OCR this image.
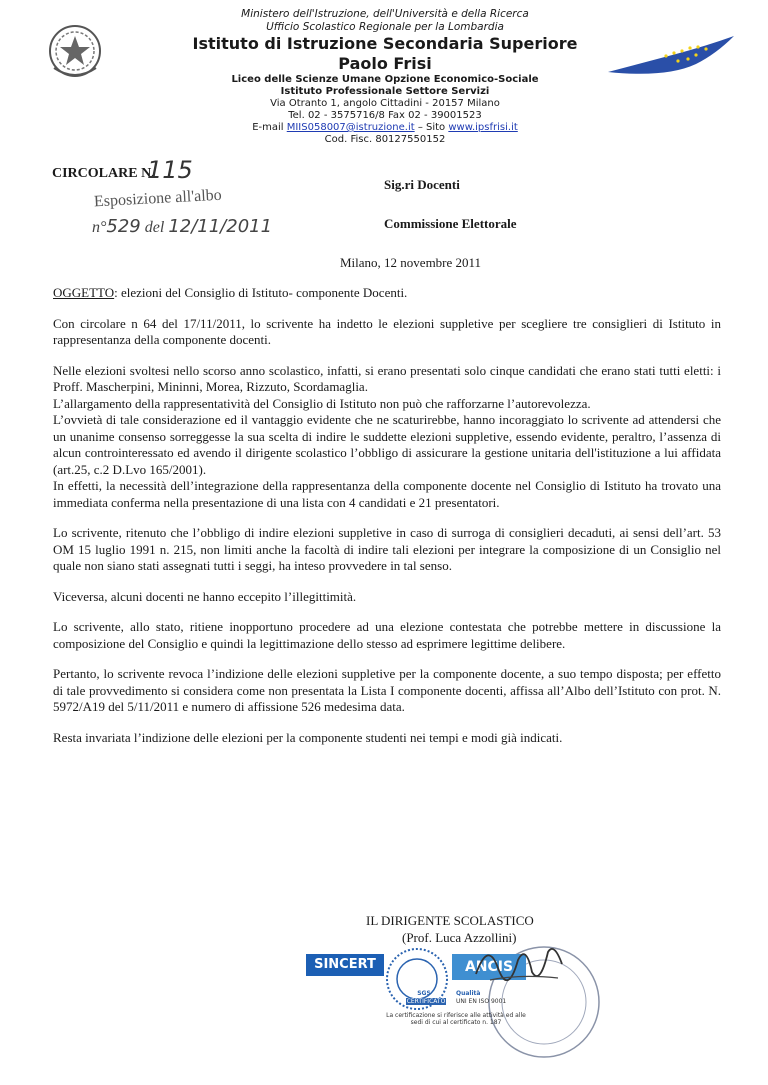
Ministero dell'Istruzione, dell'Università e della Ricerca
Ufficio Scolastico Regionale per la Lombardia
Istituto di Istruzione Secondaria Superiore
Paolo Frisi
Liceo delle Scienze Umane Opzione Economico-Sociale
Istituto Professionale Settore Servizi
Via Otranto 1, angolo Cittadini - 20157 Milano
Tel. 02 - 3575716/8 Fax 02 - 39001523
E-mail MIIS058007@istruzione.it – Sito www.ipsfrisi.it
Cod. Fisc. 80127550152
CIRCOLARE N.
115
Esposizione all'albo
n°529 del 12/11/2011
Sig.ri Docenti
Commissione Elettorale
Milano, 12 novembre 2011

OGGETTO: elezioni del Consiglio di Istituto- componente Docenti.

Con circolare n 64 del 17/11/2011, lo scrivente ha indetto le elezioni suppletive per scegliere tre consiglieri di Istituto in rappresentanza della componente docenti.

Nelle elezioni svoltesi nello scorso anno scolastico, infatti, si erano presentati solo cinque candidati che erano stati tutti eletti: i Proff. Mascherpini, Mininni, Morea, Rizzuto, Scordamaglia.

L’allargamento della rappresentatività del Consiglio di Istituto non può che rafforzarne l’autorevolezza.

L’ovvietà di tale considerazione ed il vantaggio evidente che ne scaturirebbe, hanno incoraggiato lo scrivente ad attendersi che un unanime consenso sorreggesse la sua scelta di indire le suddette elezioni suppletive, essendo evidente, peraltro, l’assenza di alcun controinteressato ed avendo il dirigente scolastico l’obbligo di assicurare la gestione unitaria dell'istituzione a lui affidata (art.25, c.2 D.Lvo 165/2001).

In effetti, la necessità dell’integrazione della rappresentanza della componente docente nel Consiglio di Istituto ha trovato una immediata conferma nella presentazione di una lista con 4 candidati e 21 presentatori.

Lo scrivente, ritenuto che l’obbligo di indire elezioni suppletive in caso di surroga di consiglieri decaduti, ai sensi dell’art. 53 OM 15 luglio 1991 n. 215, non limiti anche la facoltà di indire tali elezioni per integrare la composizione di un Consiglio nel quale non siano stati assegnati tutti i seggi, ha inteso provvedere in tal senso.

Viceversa, alcuni docenti ne hanno eccepito l’illegittimità.

Lo scrivente, allo stato, ritiene inopportuno procedere ad una elezione contestata che potrebbe mettere in discussione la composizione del Consiglio e quindi la legittimazione dello stesso ad esprimere legittime delibere.

Pertanto, lo scrivente revoca l’indizione delle elezioni suppletive per la componente docente, a suo tempo disposta; per effetto di tale provvedimento si considera come non presentata la Lista I componente docenti, affissa all’Albo dell’Istituto con prot. N. 5972/A19 del 5/11/2011 e numero di affissione 526 medesima data.

Resta invariata l’indizione delle elezioni per la componente studenti nei tempi e modi già indicati.

IL DIRIGENTE SCOLASTICO
(Prof. Luca Azzollini)
SINCERT	ANCIS
SGS
CERTIFICATO
Qualità
UNI EN ISO 9001
La certificazione si riferisce alle attività ed alle sedi di cui al certificato n. 187
